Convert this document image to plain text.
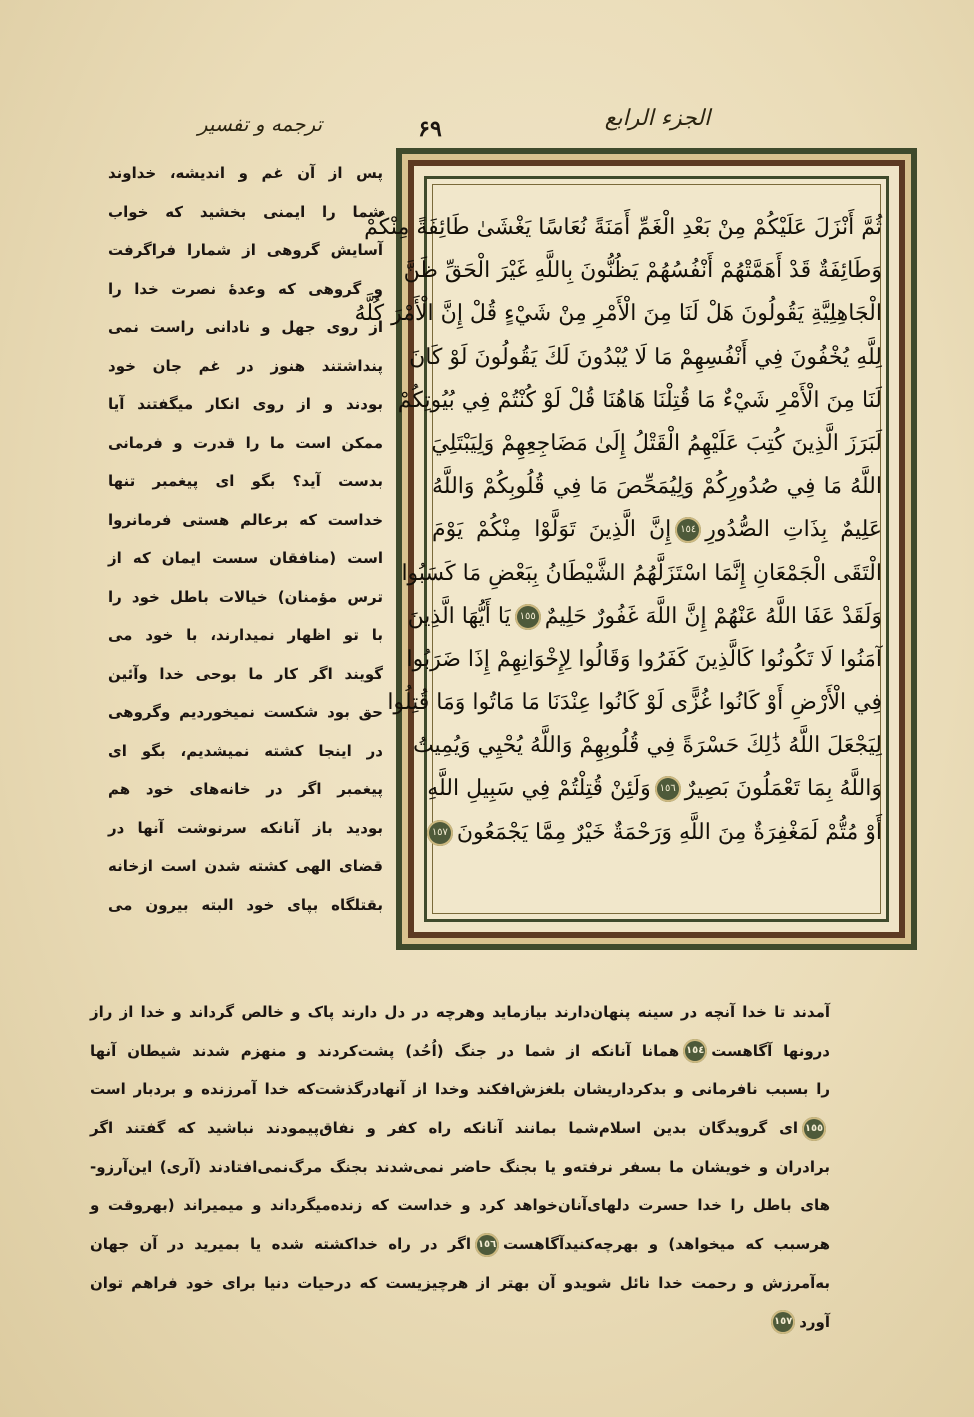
ترجمه و تفسیر	۶۹	الجزء الرابع
ثُمَّ أَنْزَلَ عَلَيْكُمْ مِنْ بَعْدِ الْغَمِّ أَمَنَةً نُعَاسًا يَغْشَىٰ طَائِفَةً مِنْكُمْ
وَطَائِفَةٌ قَدْ أَهَمَّتْهُمْ أَنْفُسُهُمْ يَظُنُّونَ بِاللَّهِ غَيْرَ الْحَقِّ ظَنَّ
الْجَاهِلِيَّةِ يَقُولُونَ هَلْ لَنَا مِنَ الْأَمْرِ مِنْ شَيْءٍ قُلْ إِنَّ الْأَمْرَ كُلَّهُ
لِلَّهِ يُخْفُونَ فِي أَنْفُسِهِمْ مَا لَا يُبْدُونَ لَكَ يَقُولُونَ لَوْ كَانَ
لَنَا مِنَ الْأَمْرِ شَيْءٌ مَا قُتِلْنَا هَاهُنَا قُلْ لَوْ كُنْتُمْ فِي بُيُوتِكُمْ
لَبَرَزَ الَّذِينَ كُتِبَ عَلَيْهِمُ الْقَتْلُ إِلَىٰ مَضَاجِعِهِمْ وَلِيَبْتَلِيَ
اللَّهُ مَا فِي صُدُورِكُمْ وَلِيُمَحِّصَ مَا فِي قُلُوبِكُمْ وَاللَّهُ
عَلِيمٌ بِذَاتِ الصُّدُورِ١٥٤إِنَّ الَّذِينَ تَوَلَّوْا مِنْكُمْ يَوْمَ
الْتَقَى الْجَمْعَانِ إِنَّمَا اسْتَزَلَّهُمُ الشَّيْطَانُ بِبَعْضِ مَا كَسَبُوا
وَلَقَدْ عَفَا اللَّهُ عَنْهُمْ إِنَّ اللَّهَ غَفُورٌ حَلِيمٌ١٥٥يَا أَيُّهَا الَّذِينَ
آمَنُوا لَا تَكُونُوا كَالَّذِينَ كَفَرُوا وَقَالُوا لِإِخْوَانِهِمْ إِذَا ضَرَبُوا
فِي الْأَرْضِ أَوْ كَانُوا غُزًّى لَوْ كَانُوا عِنْدَنَا مَا مَاتُوا وَمَا قُتِلُوا
لِيَجْعَلَ اللَّهُ ذَٰلِكَ حَسْرَةً فِي قُلُوبِهِمْ وَاللَّهُ يُحْيِي وَيُمِيتُ
وَاللَّهُ بِمَا تَعْمَلُونَ بَصِيرٌ١٥٦وَلَئِنْ قُتِلْتُمْ فِي سَبِيلِ اللَّهِ
أَوْ مُتُّمْ لَمَغْفِرَةٌ مِنَ اللَّهِ وَرَحْمَةٌ خَيْرٌ مِمَّا يَجْمَعُونَ١٥٧
پس از آن غم و اندیشه، خداوند
شما را ایمنی بخشید که خواب
آسایش گروهی از شمارا فراگرفت
و گروهی که وعدهٔ نصرت خدا را
از روی جهل و نادانی راست نمی‌
پنداشتند هنوز در غم جان خود
بودند و از روی انکار میگفتند آیا
ممکن است ما را قدرت و فرمانی
بدست آید؟ بگو ای پیغمبر تنها
خداست که برعالم هستی فرمانروا
است (منافقان سست ایمان که از
ترس مؤمنان) خیالات باطل خود را
با تو اظهار نمیدارند، با خود می‌
گویند اگر کار ما بوحی خدا وآئین
حق بود شکست نمیخوردیم وگروهی
در اینجا کشته نمیشدیم، بگو ای
پیغمبر اگر در خانه‌های خود هم
بودید باز آنانکه سرنوشت آنها در
قضای الهی کشته شدن است ازخانه
بقتلگاه بپای خود البته بیرون می‌
آمدند تا خدا آنچه در سینه پنهان‌دارند بیازماید وهرچه در دل دارند پاک و خالص گرداند و خدا از راز
درونها آگاهست١٥٤همانا آنانکه از شما در جنگ (اُحُد) پشت‌کردند و منهزم شدند شیطان آنها
را بسبب نافرمانی و بدکرداریشان بلغزش‌افکند وخدا از آنهادرگذشت‌که خدا آمرزنده و بردبار است
١٥٥ای گرویدگان بدین اسلام‌شما بمانند آنانکه راه کفر و نفاق‌پیمودند نباشید که گفتند اگر
برادران و خویشان ما بسفر نرفته‌و یا بجنگ حاضر نمی‌شدند بجنگ مرگ‌نمی‌افتادند (آری) این‌آرزو-
های باطل را خدا حسرت دلهای‌آنان‌خواهد کرد و خداست که زنده‌میگرداند و میمیراند (بهروقت و
هرسبب که میخواهد) و بهرچه‌کنید‌آگاهست١٥٦اگر در راه خداکشته شده یا بمیرید در آن جهان
به‌آمرزش و رحمت خدا نائل شویدو آن بهتر از هرچیزیست که درحیات دنیا برای خود فراهم توان
آورد١٥٧
